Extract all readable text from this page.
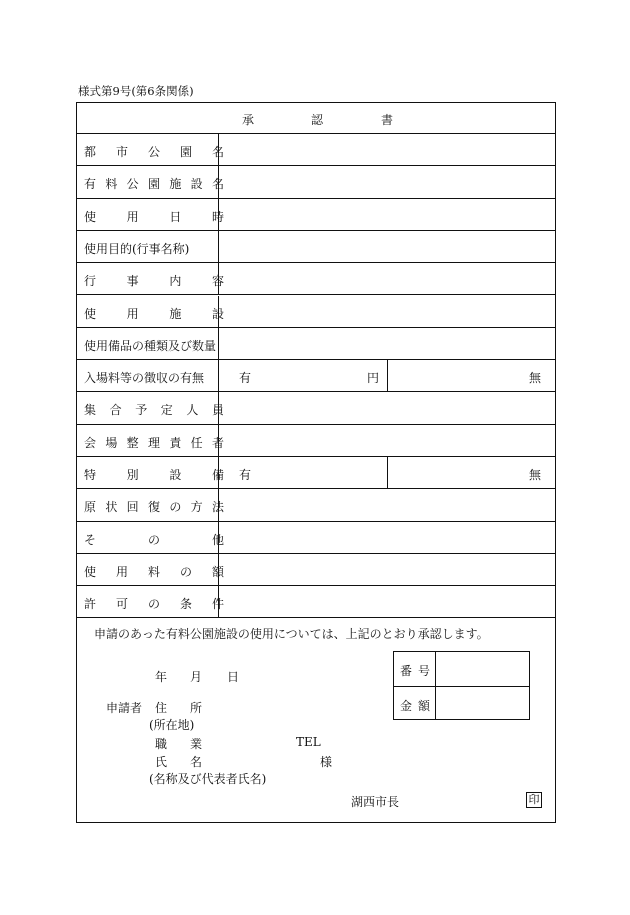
様式第9号(第6条関係)
承	認	書
都 市 公 園 名
有 料 公 園 施 設 名
使	用	日	時
使用目的(行事名称)
行	事	内	容
使	用	施	設
使用備品の種類及び数量
入場料等の徴収の有無	有	円	無
集 合 予 定 人 員
会 場 整 理 責 任 者
特	別	設	備 有	無
原 状 回 復 の 方 法
そ	の	他
使 用 料 の 額
許 可 の 条 件
申請のあった有料公園施設の使用については、上記のとおり承認します。
年 月 日
申請者 住 所
(所在地)
職 業	TEL
氏 名	様
(名称及び代表者氏名)
湖西市長
番 号
金 額
印
